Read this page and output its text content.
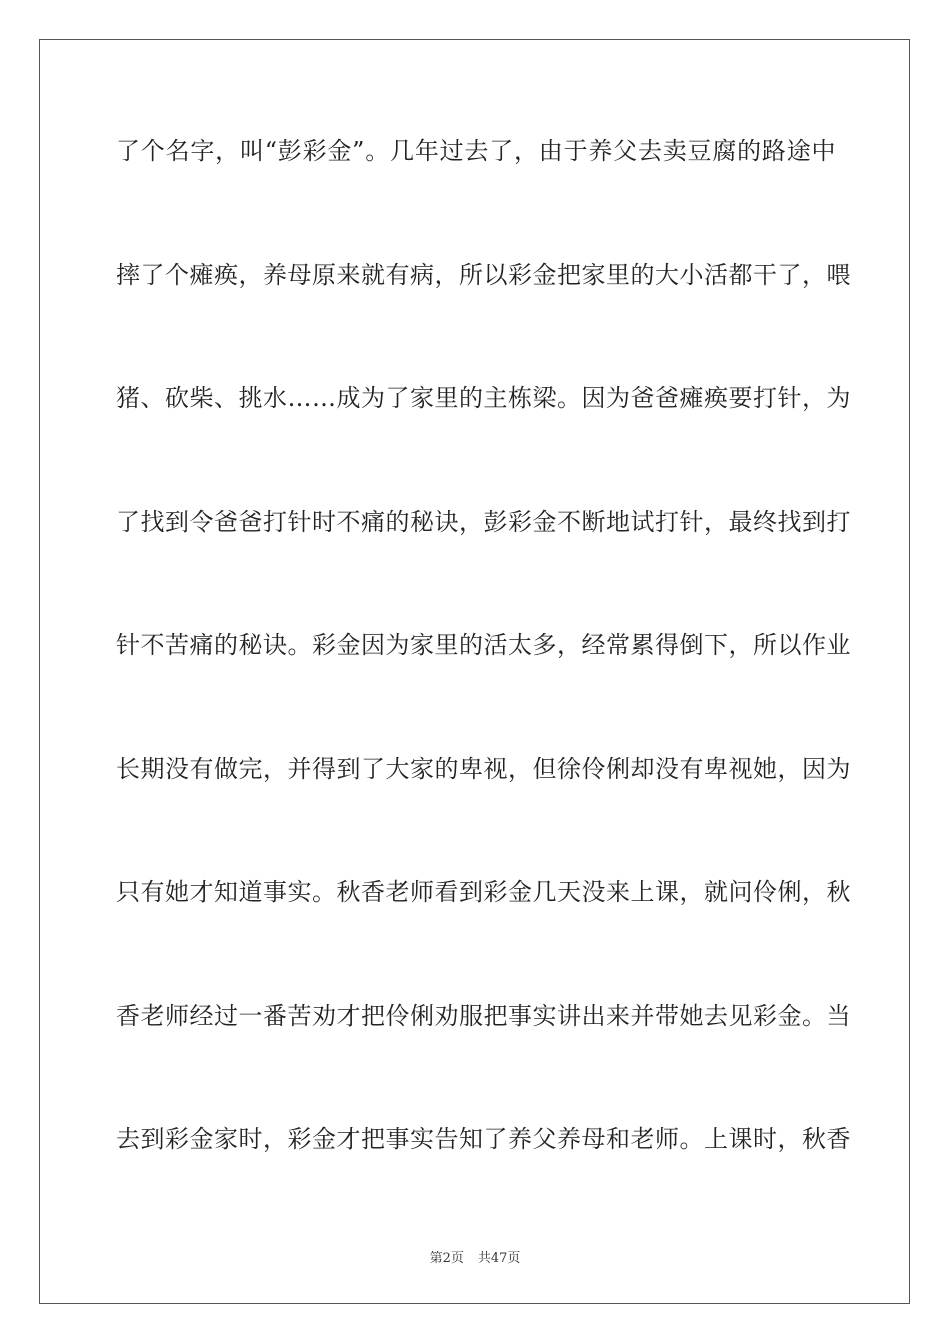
了个名字，叫“彭彩金”。几年过去了，由于养父去卖豆腐的路途中
摔了个瘫痪，养母原来就有病，所以彩金把家里的大小活都干了，喂
猪、砍柴、挑水……成为了家里的主栋梁。因为爸爸瘫痪要打针，为
了找到令爸爸打针时不痛的秘诀，彭彩金不断地试打针，最终找到打
针不苦痛的秘诀。彩金因为家里的活太多，经常累得倒下，所以作业
长期没有做完，并得到了大家的卑视，但徐伶俐却没有卑视她，因为
只有她才知道事实。秋香老师看到彩金几天没来上课，就问伶俐，秋
香老师经过一番苦劝才把伶俐劝服把事实讲出来并带她去见彩金。当
去到彩金家时，彩金才把事实告知了养父养母和老师。上课时，秋香
第2页 共47页
